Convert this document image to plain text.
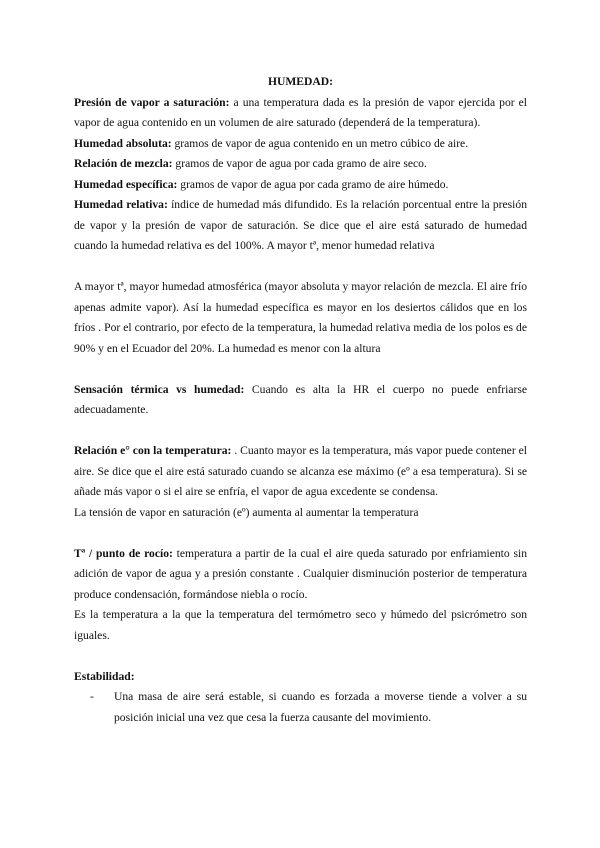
HUMEDAD:

Presión de vapor a saturación: a una temperatura dada es la presión de vapor ejercida por el vapor de agua contenido en un volumen de aire saturado (dependerá de la temperatura).

Humedad absoluta: gramos de vapor de agua contenido en un metro cúbico de aire.

Relación de mezcla: gramos de vapor de agua por cada gramo de aire seco.

Humedad específica: gramos de vapor de agua por cada gramo de aire húmedo.

Humedad relativa: índice de humedad más difundido. Es la relación porcentual entre la presión de vapor y la presión de vapor de saturación. Se dice que el aire está saturado de humedad cuando la humedad relativa es del 100%. A mayor tª, menor humedad relativa

A mayor tª, mayor humedad atmosférica (mayor absoluta y mayor relación de mezcla. El aire frío apenas admite vapor). Así la humedad específica es mayor en los desiertos cálidos que en los fríos . Por el contrario, por efecto de la temperatura, la humedad relativa media de los polos es de 90% y en el Ecuador del 20%. La humedad es menor con la altura

Sensación térmica vs humedad: Cuando es alta la HR el cuerpo no puede enfriarse adecuadamente.

Relación e° con la temperatura: . Cuanto mayor es la temperatura, más vapor puede contener el aire. Se dice que el aire está saturado cuando se alcanza ese máximo (eº a esa temperatura). Si se añade más vapor o si el aire se enfría, el vapor de agua excedente se condensa.

La tensión de vapor en saturación (eº) aumenta al aumentar la temperatura

Tª / punto de rocío: temperatura a partir de la cual el aire queda saturado por enfriamiento sin adición de vapor de agua y a presión constante . Cualquier disminución posterior de temperatura produce condensación, formándose niebla o rocío.

Es la temperatura a la que la temperatura del termómetro seco y húmedo del psicrómetro son iguales.

Estabilidad:

- Una masa de aire será estable, si cuando es forzada a moverse tiende a volver a su posición inicial una vez que cesa la fuerza causante del movimiento.
